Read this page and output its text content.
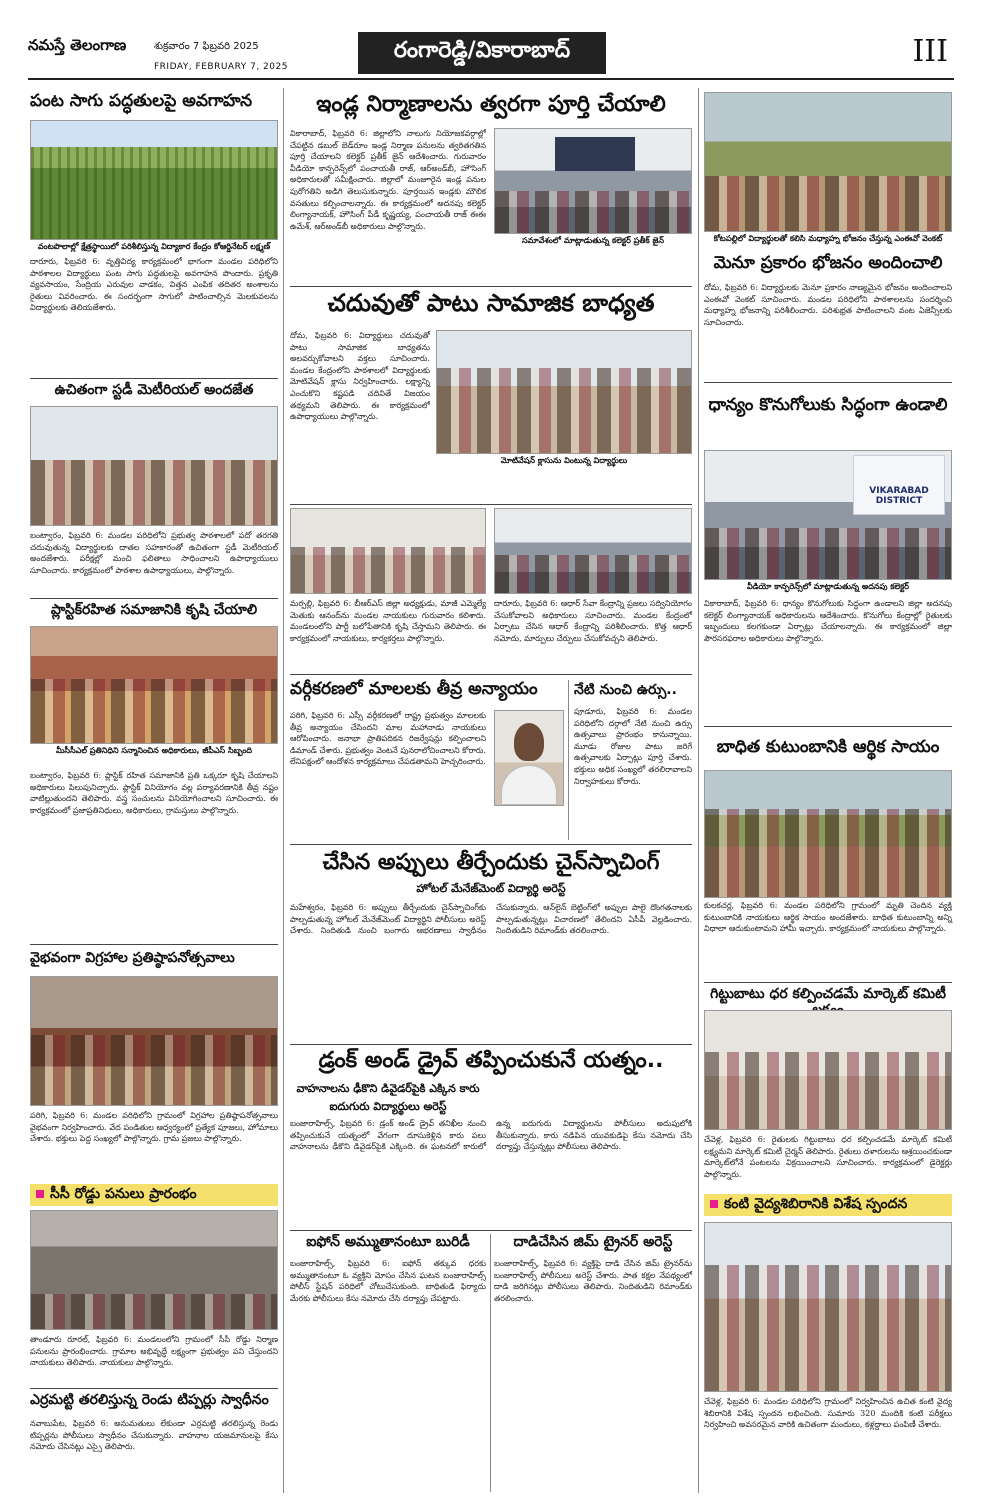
నమస్తే తెలంగాణ	శుక్రవారం 7 ఫిబ్రవరి 2025
FRIDAY, FEBRUARY 7, 2025
రంగారెడ్డి/వికారాబాద్	III
పంట సాగు పద్ధతులపై అవగాహన
వంటపొలాల్లో క్షేత్రస్థాయిలో పరిశీలిస్తున్న విద్యాకార కేంద్రం కోఆర్డినేటర్ లక్ష్మణ్
దారూరు, ఫిబ్రవరి 6: వృత్తివిద్య కార్యక్రమంలో భాగంగా మండల పరిధిలోని పాఠశాలల విద్యార్థులు పంట సాగు పద్ధతులపై అవగాహన పొందారు. ప్రకృతి వ్యవసాయం, సేంద్రియ ఎరువుల వాడకం, విత్తన ఎంపిక తదితర అంశాలను రైతులు వివరించారు. ఈ సందర్భంగా సాగులో పాటించాల్సిన మెలకువలను విద్యార్థులకు తెలియజేశారు.
ఉచితంగా స్టడీ మెటీరియల్ అందజేత
బంట్వారం, ఫిబ్రవరి 6: మండల పరిధిలోని ప్రభుత్వ పాఠశాలలో పదో తరగతి చదువుతున్న విద్యార్థులకు దాతల సహకారంతో ఉచితంగా స్టడీ మెటీరియల్ అందజేశారు. పరీక్షల్లో మంచి ఫలితాలు సాధించాలని ఉపాధ్యాయులు సూచించారు. కార్యక్రమంలో పాఠశాల ఉపాధ్యాయులు, పాల్గొన్నారు.
ప్లాస్టిక్‌రహిత సమాజానికి కృషి చేయాలి
మీసీసీఎల్ ప్రతినిధిని సన్మానించిన అధికారులు, జీపీఎస్ సిబ్బంది
బంట్వారం, ఫిబ్రవరి 6: ప్లాస్టిక్ రహిత సమాజానికి ప్రతి ఒక్కరూ కృషి చేయాలని అధికారులు పిలుపునిచ్చారు. ప్లాస్టిక్ వినియోగం వల్ల పర్యావరణానికి తీవ్ర నష్టం వాటిల్లుతుందని తెలిపారు. వస్త్ర సంచులను వినియోగించాలని సూచించారు. ఈ కార్యక్రమంలో ప్రజాప్రతినిధులు, అధికారులు, గ్రామస్తులు పాల్గొన్నారు.
వైభవంగా విగ్రహాల ప్రతిష్ఠాపనోత్సవాలు
పరిగి, ఫిబ్రవరి 6: మండల పరిధిలోని గ్రామంలో విగ్రహాల ప్రతిష్ఠాపనోత్సవాలు వైభవంగా నిర్వహించారు. వేద పండితుల ఆధ్వర్యంలో ప్రత్యేక పూజలు, హోమాలు చేశారు. భక్తులు పెద్ద సంఖ్యలో పాల్గొన్నారు. గ్రామ ప్రజలు పాల్గొన్నారు.
సీసీ రోడ్డు పనులు ప్రారంభం
తాండూరు రూరల్, ఫిబ్రవరి 6: మండలంలోని గ్రామంలో సీసీ రోడ్డు నిర్మాణ పనులను ప్రారంభించారు. గ్రామాల అభివృద్ధే లక్ష్యంగా ప్రభుత్వం పని చేస్తుందని నాయకులు తెలిపారు. నాయకులు పాల్గొన్నారు.
ఎర్రమట్టి తరలిస్తున్న రెండు టిప్పర్లు స్వాధీనం
నవాబుపేట, ఫిబ్రవరి 6: అనుమతులు లేకుండా ఎర్రమట్టి తరలిస్తున్న రెండు టిప్పర్లను పోలీసులు స్వాధీనం చేసుకున్నారు. వాహనాల యజమానులపై కేసు నమోదు చేసినట్లు ఎస్సై తెలిపారు.
ఇండ్ల నిర్మాణాలను త్వరగా పూర్తి చేయాలి
వికారాబాద్, ఫిబ్రవరి 6: జిల్లాలోని నాలుగు నియోజకవర్గాల్లో చేపట్టిన డబుల్ బెడ్‌రూం ఇండ్ల నిర్మాణ పనులను త్వరితగతిన పూర్తి చేయాలని కలెక్టర్ ప్రతీక్ జైన్ ఆదేశించారు. గురువారం వీడియో కాన్ఫరెన్స్‌లో పంచాయతీ రాజ్, ఆర్‌అండ్‌బీ, హౌసింగ్ అధికారులతో సమీక్షించారు. జిల్లాలో మంజూరైన ఇండ్ల పనుల పురోగతిని అడిగి తెలుసుకున్నారు. పూర్తయిన ఇండ్లకు మౌలిక వసతులు కల్పించాలన్నారు. ఈ కార్యక్రమంలో అదనపు కలెక్టర్ లింగ్యానాయక్, హౌసింగ్ పీడీ కృష్ణయ్య, పంచాయతీ రాజ్ ఈఈ ఉమేశ్, ఆర్‌అండ్‌బీ అధికారులు పాల్గొన్నారు.
సమావేశంలో మాట్లాడుతున్న కలెక్టర్ ప్రతీక్ జైన్
చదువుతో పాటు సామాజిక బాధ్యత
దోమ, ఫిబ్రవరి 6: విద్యార్థులు చదువుతో పాటు సామాజిక బాధ్యతను అలవర్చుకోవాలని వక్తలు సూచించారు. మండల కేంద్రంలోని పాఠశాలలో విద్యార్థులకు మోటివేషన్ క్లాసు నిర్వహించారు. లక్ష్యాన్ని ఎంచుకొని కష్టపడి చదివితే విజయం తథ్యమని తెలిపారు. ఈ కార్యక్రమంలో ఉపాధ్యాయులు పాల్గొన్నారు.
మోటివేషన్ క్లాసును వింటున్న విద్యార్థులు
మర్పల్లి, ఫిబ్రవరి 6: బీఆర్ఎస్ జిల్లా అధ్యక్షుడు, మాజీ ఎమ్మెల్యే మెతుకు ఆనంద్‌ను మండల నాయకులు గురువారం కలిశారు. మండలంలోని పార్టీ బలోపేతానికి కృషి చేస్తామని తెలిపారు. ఈ కార్యక్రమంలో నాయకులు, కార్యకర్తలు పాల్గొన్నారు.
దారూరు, ఫిబ్రవరి 6: ఆధార్ సేవా కేంద్రాన్ని ప్రజలు సద్వినియోగం చేసుకోవాలని అధికారులు సూచించారు. మండల కేంద్రంలో ఏర్పాటు చేసిన ఆధార్ కేంద్రాన్ని పరిశీలించారు. కొత్త ఆధార్ నమోదు, మార్పులు చేర్పులు చేసుకోవచ్చని తెలిపారు.
వర్గీకరణలో మాలలకు తీవ్ర అన్యాయం
పరిగి, ఫిబ్రవరి 6: ఎస్సీ వర్గీకరణలో రాష్ట్ర ప్రభుత్వం మాలలకు తీవ్ర అన్యాయం చేసిందని మాల మహానాడు నాయకులు ఆరోపించారు. జనాభా ప్రాతిపదికన రిజర్వేషన్లు కల్పించాలని డిమాండ్ చేశారు. ప్రభుత్వం వెంటనే పునరాలోచించాలని కోరారు. లేనిపక్షంలో ఆందోళన కార్యక్రమాలు చేపడతామని హెచ్చరించారు.
నేటి నుంచి ఉర్సు..
పూడూరు, ఫిబ్రవరి 6: మండల పరిధిలోని దర్గాలో నేటి నుంచి ఉర్సు ఉత్సవాలు ప్రారంభం కానున్నాయి. మూడు రోజుల పాటు జరిగే ఉత్సవాలకు ఏర్పాట్లు పూర్తి చేశారు. భక్తులు అధిక సంఖ్యలో తరలిరావాలని నిర్వాహకులు కోరారు.
చేసిన అప్పులు తీర్చేందుకు చైన్‌స్నాచింగ్
హోటల్ మేనేజ్‌మెంట్ విద్యార్థి అరెస్ట్
మహేశ్వరం, ఫిబ్రవరి 6: అప్పులు తీర్చేందుకు చైన్‌స్నాచింగ్‌కు పాల్పడుతున్న హోటల్ మేనేజ్‌మెంట్ విద్యార్థిని పోలీసులు అరెస్ట్ చేశారు. నిందితుడి నుంచి బంగారు ఆభరణాలు స్వాధీనం చేసుకున్నారు. ఆన్‌లైన్ బెట్టింగ్‌లో అప్పుల పాలై దొంగతనాలకు పాల్పడుతున్నట్లు విచారణలో తేలిందని ఏసీపీ వెల్లడించారు. నిందితుడిని రిమాండ్‌కు తరలించారు.
డ్రంక్ అండ్ డ్రైవ్ తప్పించుకునే యత్నం..
వాహనాలను ఢీకొని డివైడర్‌పైకి ఎక్కిన కారు
ఐదుగురు విద్యార్థులు అరెస్ట్
బంజారాహిల్స్, ఫిబ్రవరి 6: డ్రంక్ అండ్ డ్రైవ్ తనిఖీల నుంచి తప్పించుకునే యత్నంలో వేగంగా దూసుకెళ్లిన కారు పలు వాహనాలను ఢీకొని డివైడర్‌పైకి ఎక్కింది. ఈ ఘటనలో కారులో ఉన్న ఐదుగురు విద్యార్థులను పోలీసులు అదుపులోకి తీసుకున్నారు. కారు నడిపిన యువకుడిపై కేసు నమోదు చేసి దర్యాప్తు చేస్తున్నట్లు పోలీసులు తెలిపారు.
ఐఫోన్ అమ్ముతానంటూ బురిడీ
బంజారాహిల్స్, ఫిబ్రవరి 6: ఐఫోన్ తక్కువ ధరకు అమ్ముతానంటూ ఓ వ్యక్తిని మోసం చేసిన ఘటన బంజారాహిల్స్ పోలీస్ స్టేషన్ పరిధిలో చోటుచేసుకుంది. బాధితుడి ఫిర్యాదు మేరకు పోలీసులు కేసు నమోదు చేసి దర్యాప్తు చేపట్టారు.
దాడిచేసిన జిమ్ ట్రైనర్ అరెస్ట్
బంజారాహిల్స్, ఫిబ్రవరి 6: వ్యక్తిపై దాడి చేసిన జిమ్ ట్రైనర్‌ను బంజారాహిల్స్ పోలీసులు అరెస్ట్ చేశారు. పాత కక్షల నేపథ్యంలో దాడి జరిగినట్లు పోలీసులు తెలిపారు. నిందితుడిని రిమాండ్‌కు తరలించారు.
కోటపల్లిలో విద్యార్థులతో కలిసి మధ్యాహ్న భోజనం చేస్తున్న ఎంఈవో వెంకట్
మెనూ ప్రకారం భోజనం అందించాలి
దోమ, ఫిబ్రవరి 6: విద్యార్థులకు మెనూ ప్రకారం నాణ్యమైన భోజనం అందించాలని ఎంఈవో వెంకట్ సూచించారు. మండల పరిధిలోని పాఠశాలలను సందర్శించి మధ్యాహ్న భోజనాన్ని పరిశీలించారు. పరిశుభ్రత పాటించాలని వంట ఏజెన్సీలకు సూచించారు.
ధాన్యం కొనుగోలుకు సిద్ధంగా ఉండాలి
VIKARABAD DISTRICT
వీడియో కాన్ఫరెన్స్‌లో మాట్లాడుతున్న అదనపు కలెక్టర్
వికారాబాద్, ఫిబ్రవరి 6: ధాన్యం కొనుగోలుకు సిద్ధంగా ఉండాలని జిల్లా అదనపు కలెక్టర్ లింగ్యానాయక్ అధికారులను ఆదేశించారు. కొనుగోలు కేంద్రాల్లో రైతులకు ఇబ్బందులు కలగకుండా ఏర్పాట్లు చేయాలన్నారు. ఈ కార్యక్రమంలో జిల్లా పౌరసరఫరాల అధికారులు పాల్గొన్నారు.
బాధిత కుటుంబానికి ఆర్థిక సాయం
కులకచర్ల, ఫిబ్రవరి 6: మండల పరిధిలోని గ్రామంలో మృతి చెందిన వ్యక్తి కుటుంబానికి నాయకులు ఆర్థిక సాయం అందజేశారు. బాధిత కుటుంబాన్ని అన్ని విధాలా ఆదుకుంటామని హామీ ఇచ్చారు. కార్యక్రమంలో నాయకులు పాల్గొన్నారు.
గిట్టుబాటు ధర కల్పించడమే మార్కెట్ కమిటీ
చేవెళ్ల, ఫిబ్రవరి 6: రైతులకు గిట్టుబాటు ధర కల్పించడమే మార్కెట్ కమిటీ లక్ష్యమని మార్కెట్ కమిటీ చైర్మన్ తెలిపారు. రైతులు దళారులను ఆశ్రయించకుండా మార్కెట్‌లోనే పంటలను విక్రయించాలని సూచించారు. కార్యక్రమంలో డైరెక్టర్లు పాల్గొన్నారు.
కంటి వైద్యశిబిరానికి విశేష స్పందన
చేవెళ్ల, ఫిబ్రవరి 6: మండల పరిధిలోని గ్రామంలో నిర్వహించిన ఉచిత కంటి వైద్య శిబిరానికి విశేష స్పందన లభించింది. సుమారు 320 మందికి కంటి పరీక్షలు నిర్వహించి అవసరమైన వారికి ఉచితంగా మందులు, కళ్లద్దాలు పంపిణీ చేశారు.
